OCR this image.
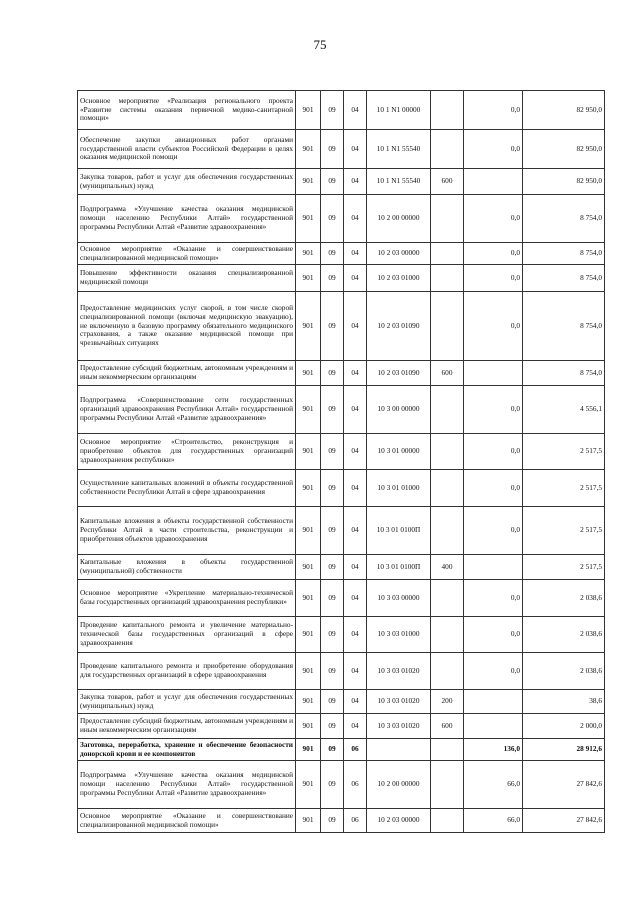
75
Основное мероприятие «Реализация регионального проекта «Развитие системы оказания первичной медико-санитарной помощи»	901	09	04	10 1 N1 00000		0,0	82 950,0
Обеспечение закупки авиационных работ органами государственной власти субъектов Российской Федерации в целях оказания медицинской помощи	901	09	04	10 1 N1 55540		0,0	82 950,0
Закупка товаров, работ и услуг для обеспечения государственных (муниципальных) нужд	901	09	04	10 1 N1 55540	600		82 950,0
Подпрограмма «Улучшение качества оказания медицинской помощи населению Республики Алтай» государственной программы Республики Алтай «Развитие здравоохранения»	901	09	04	10 2 00 00000		0,0	8 754,0
Основное мероприятие «Оказание и совершенствование специализированной медицинской помощи»	901	09	04	10 2 03 00000		0,0	8 754,0
Повышение эффективности оказания специализированной медицинской помощи	901	09	04	10 2 03 01000		0,0	8 754,0
Предоставление медицинских услуг скорой, в том числе скорой специализированной помощи (включая медицинскую эвакуацию), не включенную в базовую программу обязательного медицинского страхования, а также оказание медицинской помощи при чрезвычайных ситуациях	901	09	04	10 2 03 01090		0,0	8 754,0
Предоставление субсидий бюджетным, автономным учреждениям и иным некоммерческим организациям	901	09	04	10 2 03 01090	600		8 754,0
Подпрограмма «Совершенствование сети государственных организаций здравоохранения Республики Алтай» государственной программы Республики Алтай «Развитие здравоохранения»	901	09	04	10 3 00 00000		0,0	4 556,1
Основное мероприятие «Строительство, реконструкция и приобретение объектов для государственных организаций здравоохранения республики»	901	09	04	10 3 01 00000		0,0	2 517,5
Осуществление капитальных вложений в объекты государственной собственности Республики Алтай в сфере здравоохранения	901	09	04	10 3 01 01000		0,0	2 517,5
Капитальные вложения в объекты государственной собственности Республики Алтай в части строительства, реконструкции и приобретения объектов здравоохранения	901	09	04	10 3 01 0100П		0,0	2 517,5
Капитальные вложения в объекты государственной (муниципальной) собственности	901	09	04	10 3 01 0100П	400		2 517,5
Основное мероприятие «Укрепление материально-технической базы государственных организаций здравоохранения республики»	901	09	04	10 3 03 00000		0,0	2 038,6
Проведение капитального ремонта и увеличение материально-технической базы государственных организаций в сфере здравоохранения	901	09	04	10 3 03 01000		0,0	2 038,6
Проведение капитального ремонта и приобретение оборудования для государственных организаций в сфере здравоохранения	901	09	04	10 3 03 01020		0,0	2 038,6
Закупка товаров, работ и услуг для обеспечения государственных (муниципальных) нужд	901	09	04	10 3 03 01020	200		38,6
Предоставление субсидий бюджетным, автономным учреждениям и иным некоммерческим организациям	901	09	04	10 3 03 01020	600		2 000,0
Заготовка, переработка, хранение и обеспечение безопасности донорской крови и ее компонентов	901	09	06			136,0	28 912,6
Подпрограмма «Улучшение качества оказания медицинской помощи населению Республики Алтай» государственной программы Республики Алтай «Развитие здравоохранения»	901	09	06	10 2 00 00000		66,0	27 842,6
Основное мероприятие «Оказание и совершенствование специализированной медицинской помощи»	901	09	06	10 2 03 00000		66,0	27 842,6
